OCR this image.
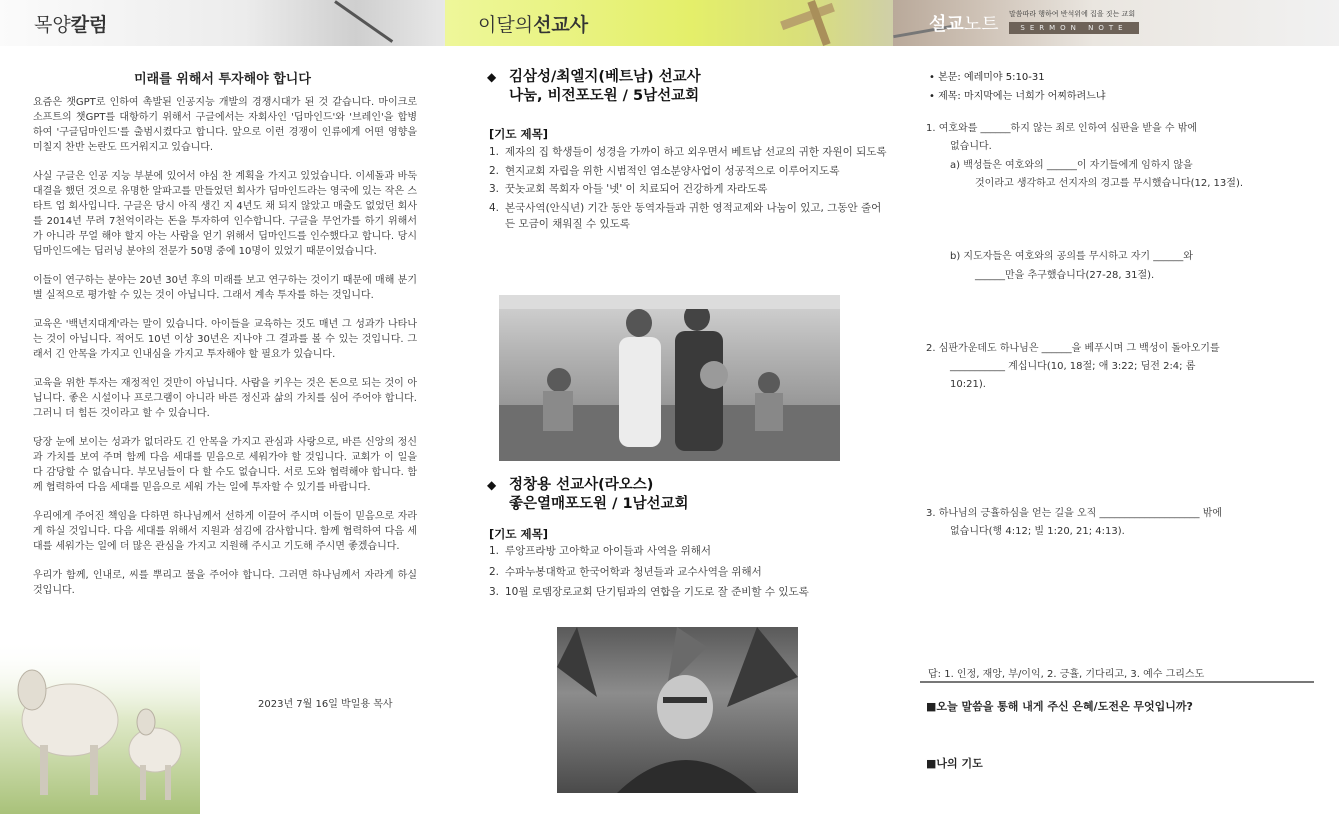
목양칼럼	이달의선교사	설교노트 말씀따라 행하여 반석위에 집을 짓는 교회
SERMON NOTE
미래를 위해서 투자해야 합니다

요즘은 챗GPT로 인하여 촉발된 인공지능 개발의 경쟁시대가 된 것 같습니다. 마이크로 소프트의 챗GPT를 대항하기 위해서 구글에서는 자회사인 '딥마인드'와 '브레인'을 합병하여 '구글딥마인드'를 출범시켰다고 합니다. 앞으로 이런 경쟁이 인류에게 어떤 영향을 미칠지 찬반 논란도 뜨거워지고 있습니다.

사실 구글은 인공 지능 부분에 있어서 야심 찬 계획을 가지고 있었습니다. 이세돌과 바둑 대결을 했던 것으로 유명한 알파고를 만들었던 회사가 딥마인드라는 영국에 있는 작은 스타트 업 회사입니다. 구글은 당시 아직 생긴 지 4년도 채 되지 않았고 매출도 없었던 회사를 2014년 무려 7천억이라는 돈을 투자하여 인수합니다. 구글을 무언가를 하기 위해서가 아니라 무얼 해야 할지 아는 사람을 얻기 위해서 딥마인드를 인수했다고 합니다. 당시 딥마인드에는 딥러닝 분야의 전문가 50명 중에 10명이 있었기 때문이었습니다.

이들이 연구하는 분야는 20년 30년 후의 미래를 보고 연구하는 것이기 때문에 매해 분기별 실적으로 평가할 수 있는 것이 아닙니다. 그래서 계속 투자를 하는 것입니다.

교육은 '백년지대계'라는 말이 있습니다. 아이들을 교육하는 것도 매년 그 성과가 나타나는 것이 아닙니다. 적어도 10년 이상 30년은 지나야 그 결과를 볼 수 있는 것입니다. 그래서 긴 안목을 가지고 인내심을 가지고 투자해야 할 필요가 있습니다.

교육을 위한 투자는 재정적인 것만이 아닙니다. 사람을 키우는 것은 돈으로 되는 것이 아닙니다. 좋은 시설이나 프로그램이 아니라 바른 정신과 삶의 가치를 심어 주어야 합니다. 그러니 더 힘든 것이라고 할 수 있습니다.

당장 눈에 보이는 성과가 없더라도 긴 안목을 가지고 관심과 사랑으로, 바른 신앙의 정신과 가치를 보여 주며 함께 다음 세대를 믿음으로 세워가야 할 것입니다. 교회가 이 일을 다 감당할 수 없습니다. 부모님들이 다 할 수도 없습니다. 서로 도와 협력해야 합니다. 함께 협력하여 다음 세대를 믿음으로 세워 가는 일에 투자할 수 있기를 바랍니다.

우리에게 주어진 책임을 다하면 하나님께서 선하게 이끌어 주시며 이들이 믿음으로 자라게 하실 것입니다. 다음 세대를 위해서 지원과 섬김에 감사합니다. 함께 협력하여 다음 세대를 세워가는 일에 더 많은 관심을 가지고 지원해 주시고 기도해 주시면 좋겠습니다.

우리가 함께, 인내로, 씨를 뿌리고 물을 주어야 합니다. 그러면 하나님께서 자라게 하실 것입니다.

2023년 7월 16일 박일용 목사
◆ 김삼성/최엘지(베트남) 선교사
나눔, 비전포도원 / 5남선교회
[기도 제목]
1. 제자의 집 학생들이 성경을 가까이 하고 외우면서 베트남 선교의 귀한 자원이 되도록
2. 현지교회 자립을 위한 시범적인 염소분양사업이 성공적으로 이루어지도록
3. 꿋놋교회 목회자 아들 '넷' 이 치료되어 건강하게 자라도록
4. 본국사역(안식년) 기간 동안 동역자들과 귀한 영적교제와 나눔이 있고, 그동안 줄어든 모금이 채워질 수 있도록
◆ 정창용 선교사(라오스)
좋은열매포도원 / 1남선교회
[기도 제목]
1. 루앙프라방 고아학교 아이들과 사역을 위해서
2. 수파누봉대학교 한국어학과 청년들과 교수사역을 위해서
3. 10월 로뎀장로교회 단기팀과의 연합을 기도로 잘 준비할 수 있도록
• 본문: 예레미야 5:10-31
• 제목: 마지막에는 너희가 어찌하려느냐
1. 여호와를 ______하지 않는 죄로 인하여 심판을 받을 수 밖에
없습니다.
a) 백성들은 여호와의 ______이 자기들에게 임하지 않을
것이라고 생각하고 선지자의 경고를 무시했습니다(12, 13절).
b) 지도자들은 여호와의 공의를 무시하고 자기 ______와
______만을 추구했습니다(27-28, 31절).
2. 심판가운데도 하나님은 ______을 베푸시며 그 백성이 돌아오기를
___________ 계십니다(10, 18절; 애 3:22; 딤전 2:4; 롬
10:21).
3. 하나님의 긍휼하심을 얻는 길을 오직 ____________________ 밖에
없습니다(행 4:12; 빌 1:20, 21; 4:13).
답: 1. 인정, 재앙, 부/이익, 2. 긍휼, 기다리고, 3. 예수 그리스도
■오늘 말씀을 통해 내게 주신 은혜/도전은 무엇입니까?
■나의 기도
